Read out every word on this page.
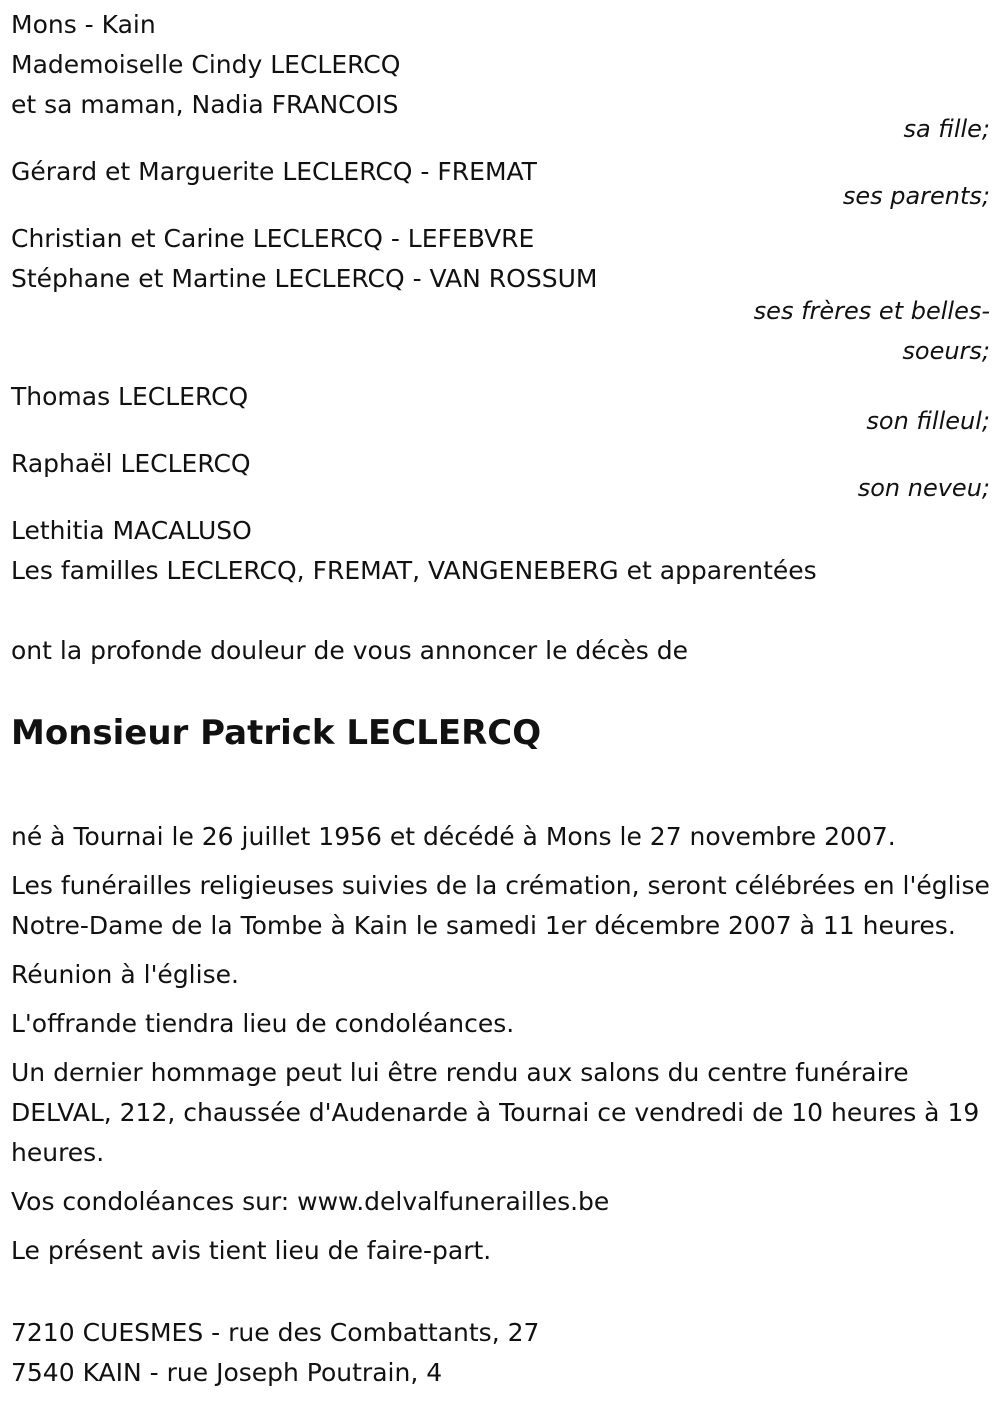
Mons - Kain
Mademoiselle Cindy LECLERCQ
et sa maman, Nadia FRANCOIS
sa fille;
Gérard et Marguerite LECLERCQ - FREMAT
ses parents;
Christian et Carine LECLERCQ - LEFEBVRE
Stéphane et Martine LECLERCQ - VAN ROSSUM
ses frères et belles-
soeurs;
Thomas LECLERCQ
son filleul;
Raphaël LECLERCQ
son neveu;
Lethitia MACALUSO
Les familles LECLERCQ, FREMAT, VANGENEBERG et apparentées
ont la profonde douleur de vous annoncer le décès de
Monsieur Patrick LECLERCQ
né à Tournai le 26 juillet 1956 et décédé à Mons le 27 novembre 2007.
Les funérailles religieuses suivies de la crémation, seront célébrées en l'église Notre-Dame de la Tombe à Kain le samedi 1er décembre 2007 à 11 heures.
Réunion à l'église.
L'offrande tiendra lieu de condoléances.
Un dernier hommage peut lui être rendu aux salons du centre funéraire DELVAL, 212, chaussée d'Audenarde à Tournai ce vendredi de 10 heures à 19 heures.
Vos condoléances sur: www.delvalfunerailles.be
Le présent avis tient lieu de faire-part.
7210 CUESMES - rue des Combattants, 27
7540 KAIN - rue Joseph Poutrain, 4
